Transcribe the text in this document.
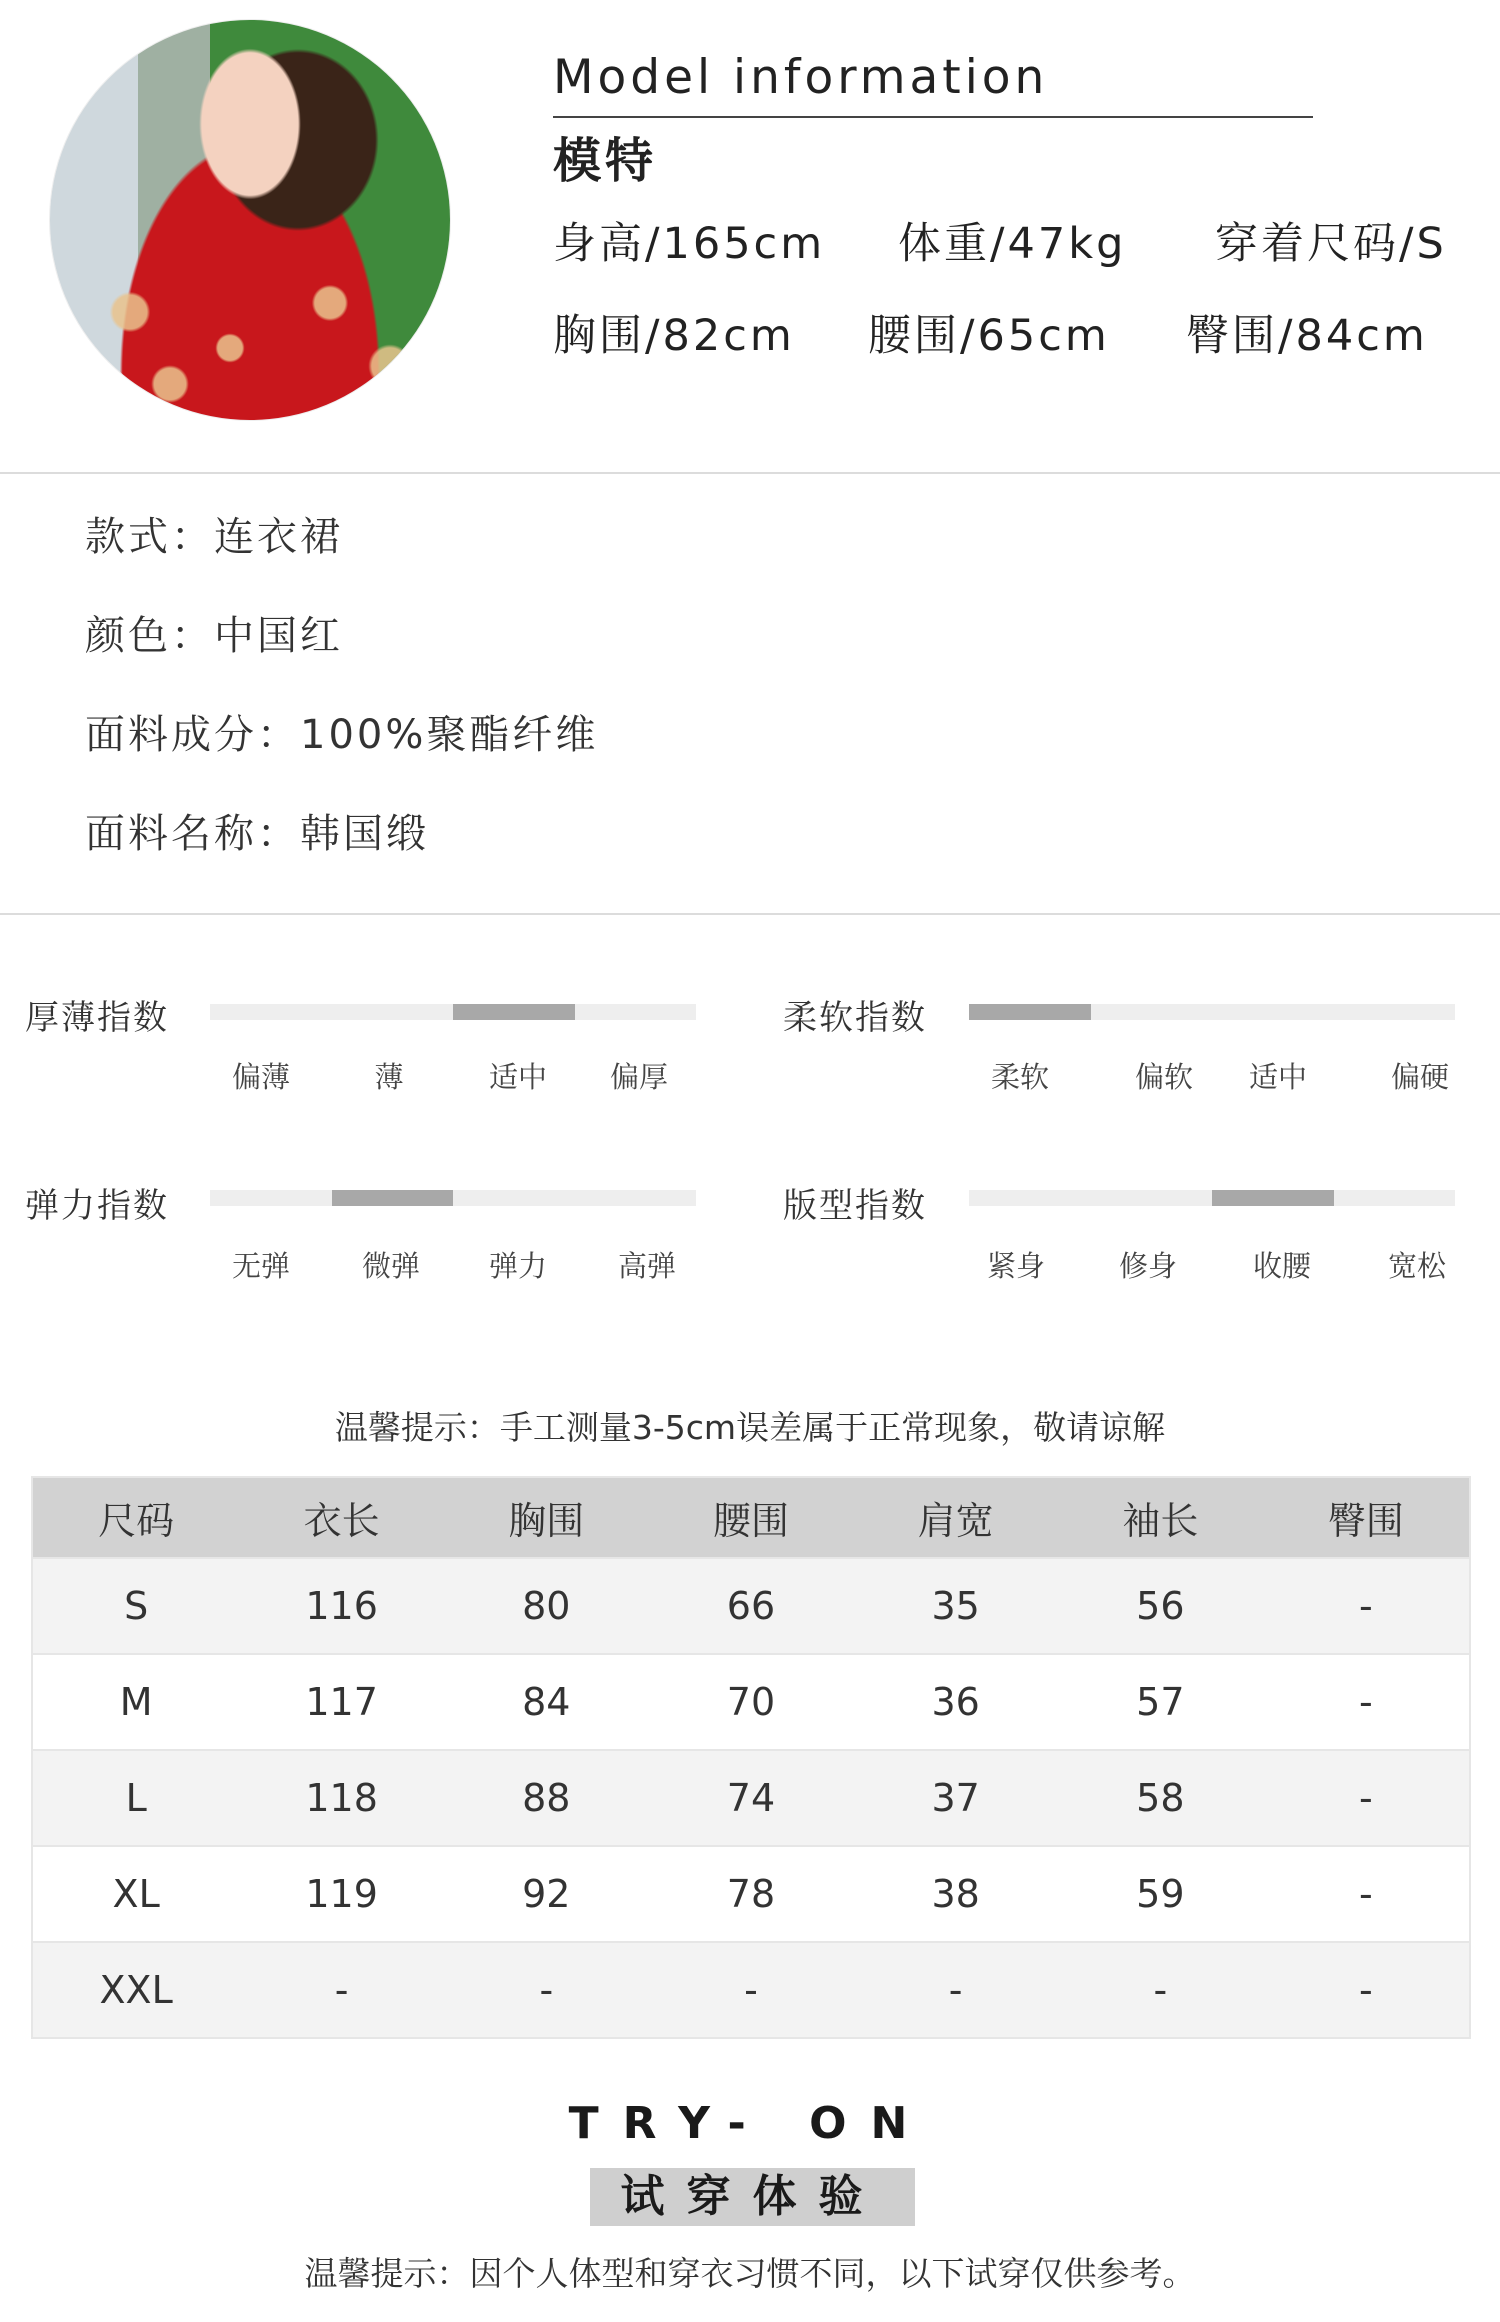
Model information
模特
身高/165cm 体重/47kg 穿着尺码/S
胸围/82cm 腰围/65cm 臀围/84cm
款式：连衣裙
颜色：中国红
面料成分：100%聚酯纤维
面料名称：韩国缎
厚薄指数
偏薄	薄	适中 偏厚
柔软指数
柔软	偏软 适中	偏硬
弹力指数
无弹 微弹 弹力 高弹
版型指数
紧身	修身	收腰	宽松
温馨提示：手工测量3-5cm误差属于正常现象，敬请谅解
尺码	衣长	胸围	腰围	肩宽	袖长	臀围
S	116	80	66	35	56	-
M	117	84	70	36	57	-
L	118	88	74	37	58	-
XL	119	92	78	38	59	-
XXL	-	-	-	-	-	-
TRY- ON
试穿体验
温馨提示：因个人体型和穿衣习惯不同，以下试穿仅供参考。
